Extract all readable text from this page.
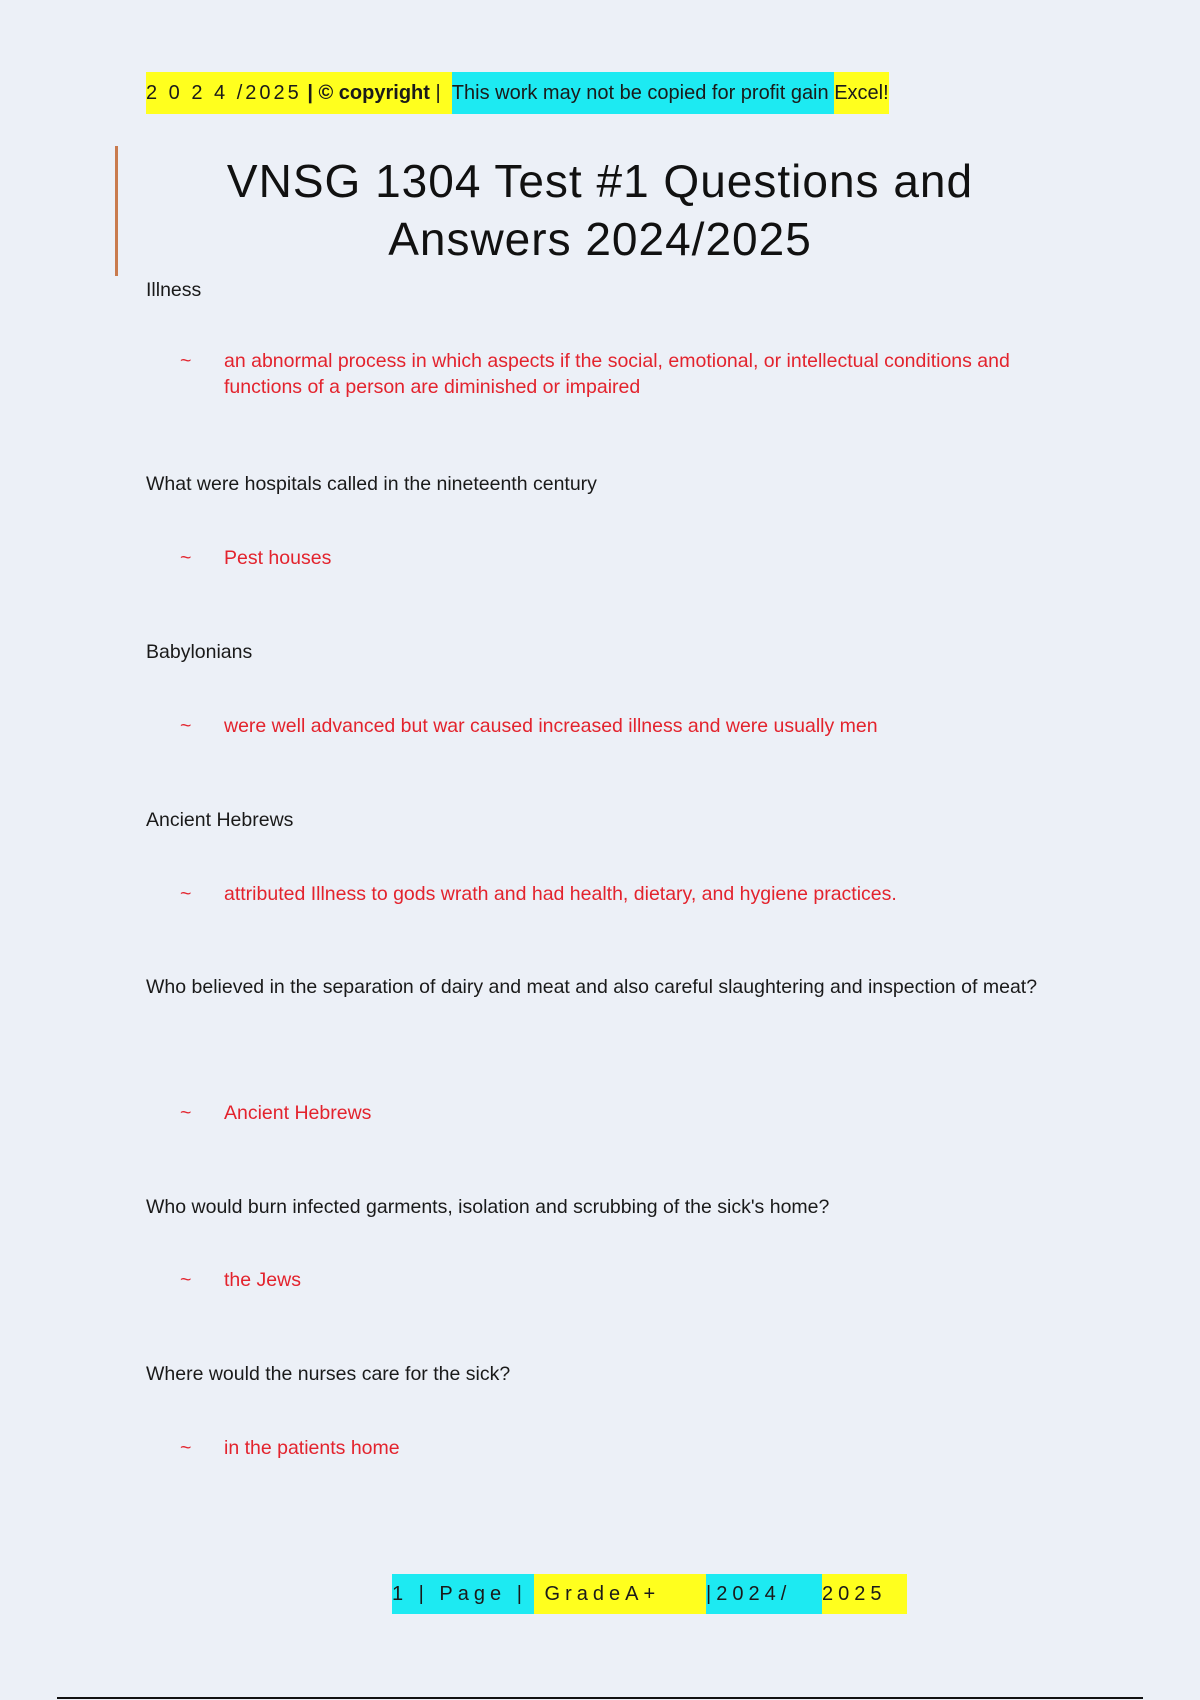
2 0 2 4 /2025 | © copyright | This work may not be copied for profit gain Excel!
VNSG 1304 Test #1 Questions and Answers 2024/2025

Illness

~	an abnormal process in which aspects if the social, emotional, or intellectual conditions and functions of a person are diminished or impaired

What were hospitals called in the nineteenth century

~	Pest houses

Babylonians

~	were well advanced but war caused increased illness and were usually men

Ancient Hebrews

~	attributed Illness to gods wrath and had health, dietary, and hygiene practices.

Who believed in the separation of dairy and meat and also careful slaughtering and inspection of meat?

~	Ancient Hebrews

Who would burn infected garments, isolation and scrubbing of the sick's home?

~	the Jews

Where would the nurses care for the sick?

~	in the patients home
1 | Page | GradeA+ |2024/ 2025
